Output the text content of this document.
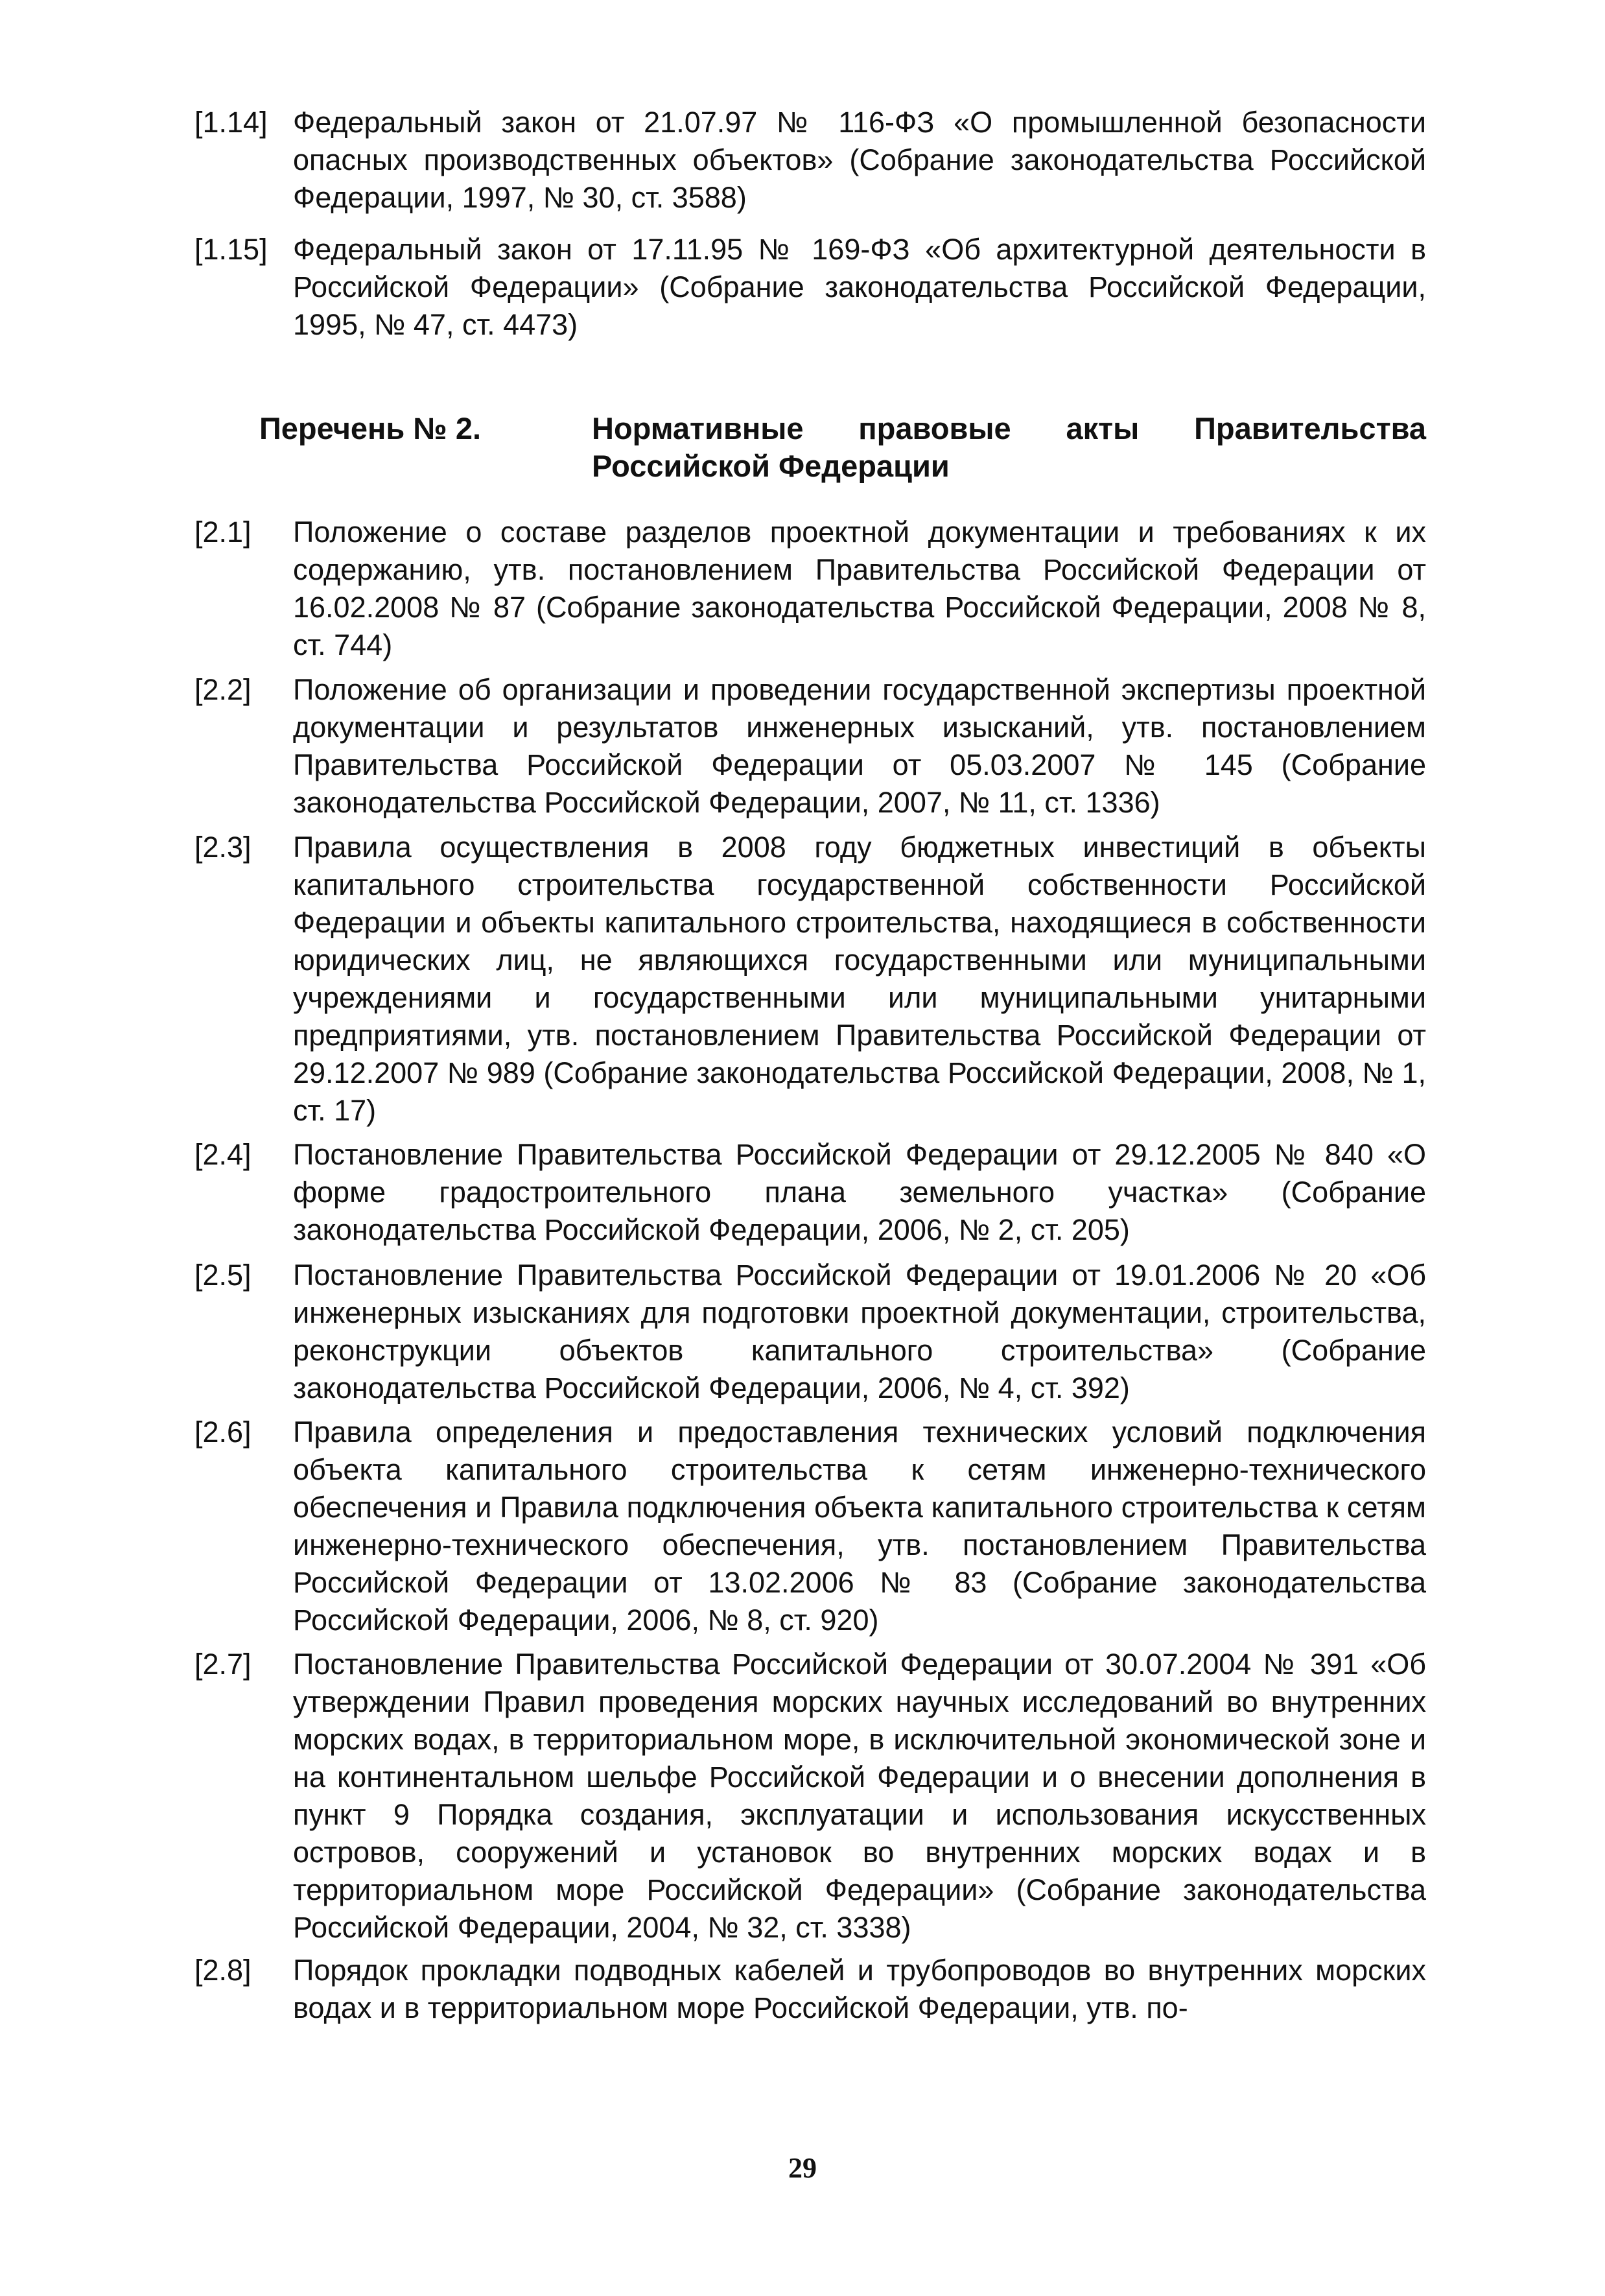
[1.14] Федеральный закон от 21.07.97 № 116-ФЗ «О промышленной безопасности опасных производственных объектов» (Собрание законодательства Российской Федерации, 1997, № 30, ст. 3588)
[1.15] Федеральный закон от 17.11.95 № 169-ФЗ «Об архитектурной деятельности в Российской Федерации» (Собрание законодательства Российской Федерации, 1995, № 47, ст. 4473)
Перечень № 2.	Нормативные правовые акты Правительства Российской Федерации
[2.1]	Положение о составе разделов проектной документации и требованиях к их содержанию, утв. постановлением Правительства Российской Федерации от 16.02.2008 № 87 (Собрание законодательства Российской Федерации, 2008 № 8, ст. 744)
[2.2]	Положение об организации и проведении государственной экспертизы проектной документации и результатов инженерных изысканий, утв. постановлением Правительства Российской Федерации от 05.03.2007 № 145 (Собрание законодательства Российской Федерации, 2007, № 11, ст. 1336)
[2.3]	Правила осуществления в 2008 году бюджетных инвестиций в объекты капитального строительства государственной собственности Российской Федерации и объекты капитального строительства, находящиеся в собственности юридических лиц, не являющихся государственными или муниципальными учреждениями и государственными или муниципальными унитарными предприятиями, утв. постановлением Правительства Российской Федерации от 29.12.2007 № 989 (Собрание законодательства Российской Федерации, 2008, № 1, ст. 17)
[2.4]	Постановление Правительства Российской Федерации от 29.12.2005 № 840 «О форме градостроительного плана земельного участка» (Собрание законодательства Российской Федерации, 2006, № 2, ст. 205)
[2.5]	Постановление Правительства Российской Федерации от 19.01.2006 № 20 «Об инженерных изысканиях для подготовки проектной документации, строительства, реконструкции объектов капитального строительства» (Собрание законодательства Российской Федерации, 2006, № 4, ст. 392)
[2.6]	Правила определения и предоставления технических условий подключения объекта капитального строительства к сетям инженерно-технического обеспечения и Правила подключения объекта капитального строительства к сетям инженерно-технического обеспечения, утв. постановлением Правительства Российской Федерации от 13.02.2006 № 83 (Собрание законодательства Российской Федерации, 2006, № 8, ст. 920)
[2.7]	Постановление Правительства Российской Федерации от 30.07.2004 № 391 «Об утверждении Правил проведения морских научных исследований во внутренних морских водах, в территориальном море, в исключительной экономической зоне и на континентальном шельфе Российской Федерации и о внесении дополнения в пункт 9 Порядка создания, эксплуатации и использования искусственных островов, сооружений и установок во внутренних морских водах и в территориальном море Российской Федерации» (Собрание законодательства Российской Федерации, 2004, № 32, ст. 3338)
[2.8]	Порядок прокладки подводных кабелей и трубопроводов во внутренних морских водах и в территориальном море Российской Федерации, утв. по-
29
